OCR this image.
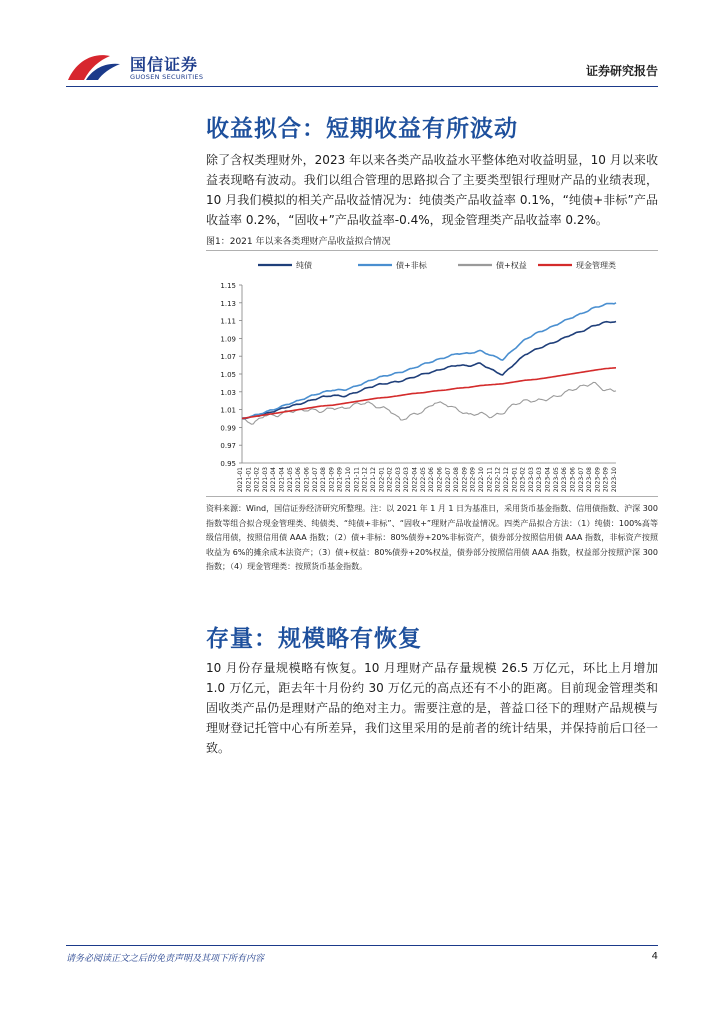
国信证券
GUOSEN SECURITIES	证券研究报告
收益拟合：短期收益有所波动
除了含权类理财外，2023 年以来各类产品收益水平整体绝对收益明显，10 月以来收益表现略有波动。我们以组合管理的思路拟合了主要类型银行理财产品的业绩表现，10 月我们模拟的相关产品收益情况为：纯债类产品收益率 0.1%，“纯债+非标”产品收益率 0.2%，“固收+”产品收益率-0.4%，现金管理类产品收益率 0.2%。
图1：2021 年以来各类理财产品收益拟合情况
纯债	债+非标	债+权益	现金管理类
1.15
1.13
1.11
1.09
1.07
1.05
1.03
1.01
0.99
0.97
0.95
2021-01 2021-01 2021-02 2021-03 2021-04 2021-04 2021-05 2021-06 2021-06 2021-07 2021-08 2021-09 2021-09 2021-10 2021-11 2021-12 2021-12 2022-01 2022-02 2022-03 2022-03 2022-04 2022-05 2022-06 2022-06 2022-07 2022-08 2022-09 2022-09 2022-10 2022-11 2022-12 2022-12 2023-01 2023-02 2023-03 2023-03 2023-04 2023-05 2023-06 2023-06 2023-07 2023-08 2023-09 2023-09 2023-10
资料来源：Wind，国信证券经济研究所整理。注：以 2021 年 1 月 1 日为基准日，采用货币基金指数、信用债指数、沪深 300 指数等组合拟合现金管理类、纯债类、“纯债+非标”、“固收+”理财产品收益情况。四类产品拟合方法：（1）纯债：100%高等级信用债，按照信用债 AAA 指数；（2）债+非标：80%债券+20%非标资产，债券部分按照信用债 AAA 指数，非标资产按照收益为 6%的摊余成本法资产；（3）债+权益：80%债券+20%权益，债券部分按照信用债 AAA 指数，权益部分按照沪深 300 指数；（4）现金管理类：按照货币基金指数。
存量：规模略有恢复
10 月份存量规模略有恢复。10 月理财产品存量规模 26.5 万亿元，环比上月增加 1.0 万亿元，距去年十月份约 30 万亿元的高点还有不小的距离。目前现金管理类和固收类产品仍是理财产品的绝对主力。需要注意的是，普益口径下的理财产品规模与理财登记托管中心有所差异，我们这里采用的是前者的统计结果，并保持前后口径一致。
请务必阅读正文之后的免责声明及其项下所有内容	4
